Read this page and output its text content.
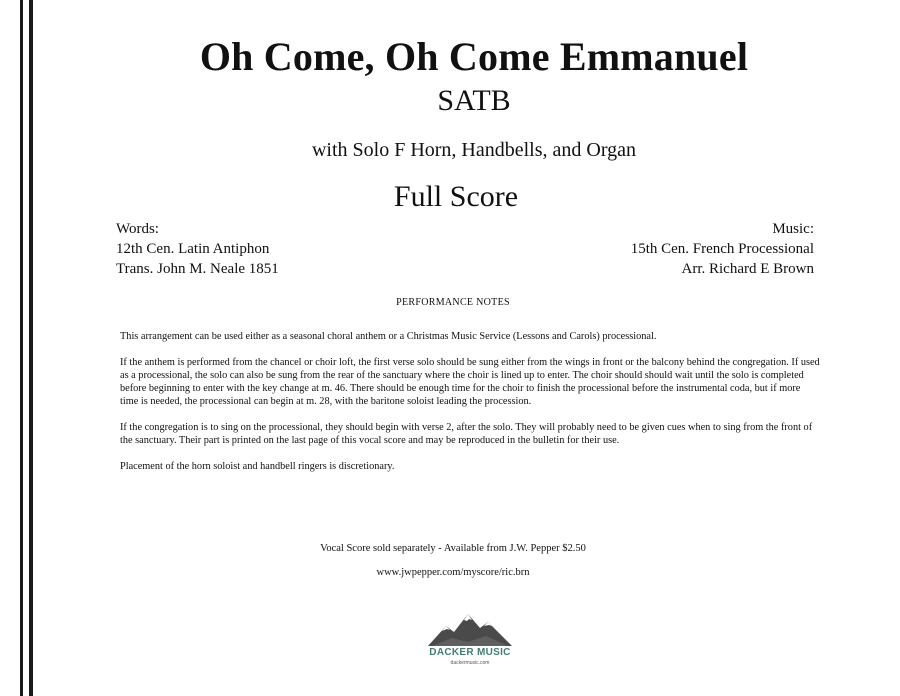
Oh Come, Oh Come Emmanuel
SATB
with Solo F Horn, Handbells, and Organ
Full Score
Words:
12th Cen. Latin Antiphon
Trans. John M. Neale 1851
Music:
15th Cen. French Processional
Arr. Richard E Brown
PERFORMANCE NOTES

This arrangement can be used either as a seasonal choral anthem or a Christmas Music Service (Lessons and Carols) processional.

If the anthem is performed from the chancel or choir loft, the first verse solo should be sung either from the wings in front or the balcony behind the congregation. If used as a processional, the solo can also be sung from the rear of the sanctuary where the choir is lined up to enter. The choir should should wait until the solo is completed before beginning to enter with the key change at m. 46. There should be enough time for the choir to finish the processional before the instrumental coda, but if more time is needed, the processional can begin at m. 28, with the baritone soloist leading the procession.

If the congregation is to sing on the processional, they should begin with verse 2, after the solo. They will probably need to be given cues when to sing from the front of the sanctuary. Their part is printed on the last page of this vocal score and may be reproduced in the bulletin for their use.

Placement of the horn soloist and handbell ringers is discretionary.

Vocal Score sold separately - Available from J.W. Pepper $2.50
www.jwpepper.com/myscore/ric.brn
DACKER MUSIC
dackermusic.com
